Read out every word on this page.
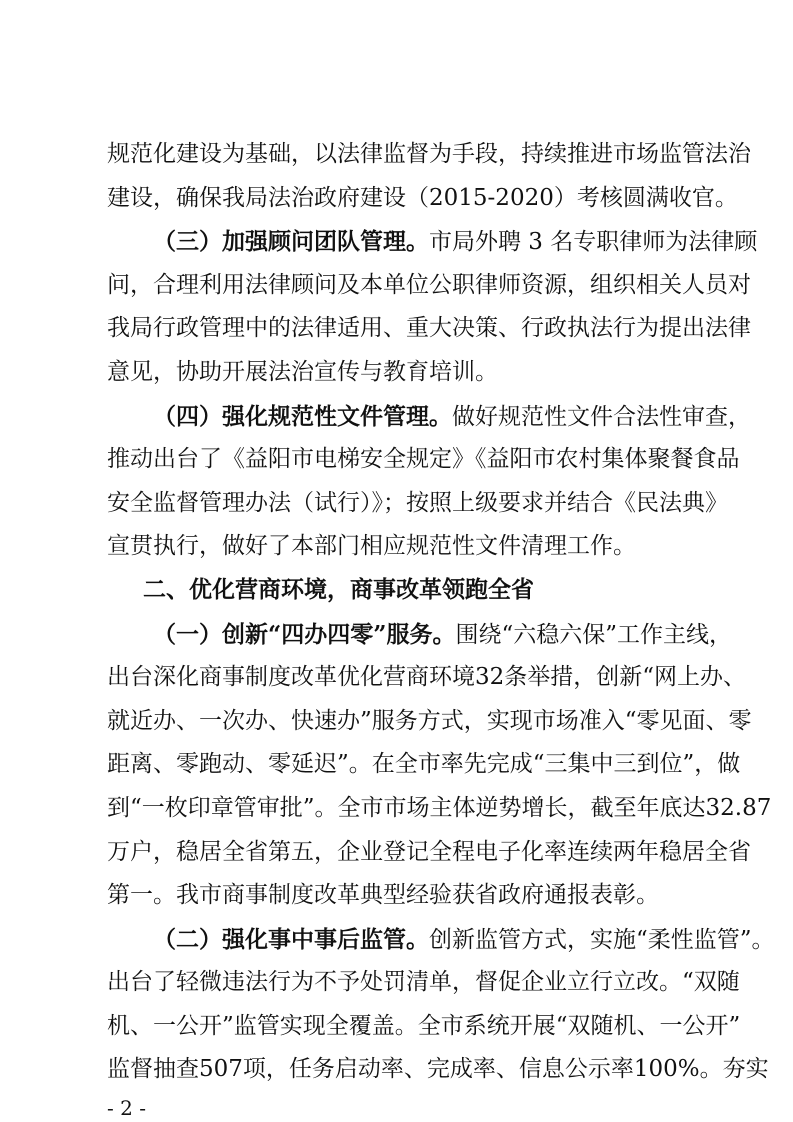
规范化建设为基础，以法律监督为手段，持续推进市场监管法治
建设，确保我局法治政府建设（2015-2020）考核圆满收官。
（三）加强顾问团队管理。市局外聘 3 名专职律师为法律顾
问，合理利用法律顾问及本单位公职律师资源，组织相关人员对
我局行政管理中的法律适用、重大决策、行政执法行为提出法律
意见，协助开展法治宣传与教育培训。
（四）强化规范性文件管理。做好规范性文件合法性审查，
推动出台了《益阳市电梯安全规定》《益阳市农村集体聚餐食品
安全监督管理办法（试行）》；按照上级要求并结合《民法典》
宣贯执行，做好了本部门相应规范性文件清理工作。
二、优化营商环境，商事改革领跑全省
（一）创新“四办四零”服务。围绕“六稳六保”工作主线，
出台深化商事制度改革优化营商环境32条举措，创新“网上办、
就近办、一次办、快速办”服务方式，实现市场准入“零见面、零
距离、零跑动、零延迟”。在全市率先完成“三集中三到位”，做
到“一枚印章管审批”。全市市场主体逆势增长，截至年底达32.87
万户，稳居全省第五，企业登记全程电子化率连续两年稳居全省
第一。我市商事制度改革典型经验获省政府通报表彰。
（二）强化事中事后监管。创新监管方式，实施“柔性监管”。
出台了轻微违法行为不予处罚清单，督促企业立行立改。“双随
机、一公开”监管实现全覆盖。全市系统开展“双随机、一公开”
监督抽查507项，任务启动率、完成率、信息公示率100%。夯实
- 2 -
